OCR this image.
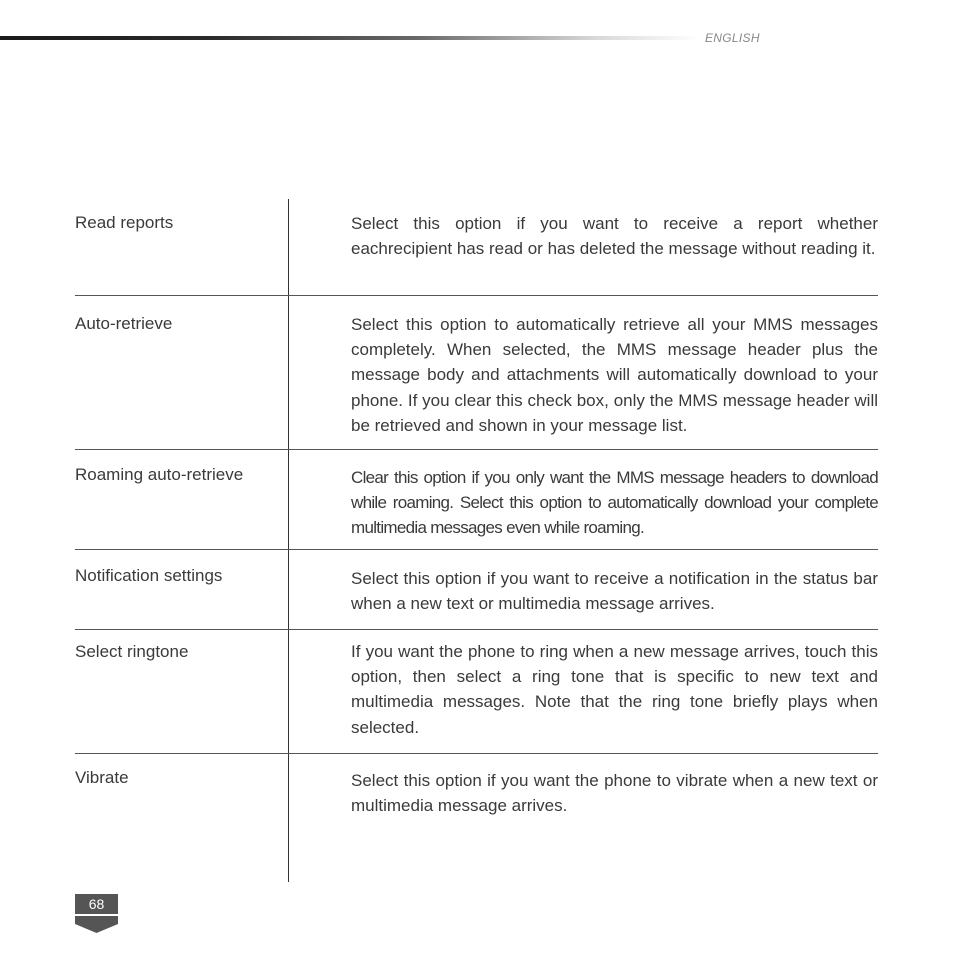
ENGLISH
Read reports	Select this option if you want to receive a report whether eachrecipient has read or has deleted the message without reading it.
Auto-retrieve	Select this option to automatically retrieve all your MMS messages completely. When selected, the MMS message header plus the message body and attachments will automatically download to your phone. If you clear this check box, only the MMS message header will be retrieved and shown in your message list.
Roaming auto-retrieve	Clear this option if you only want the MMS message headers to download while roaming. Select this option to automatically download your complete multimedia messages even while roaming.
Notification settings	Select this option if you want to receive a notification in the status bar when a new text or multimedia message arrives.
Select ringtone	If you want the phone to ring when a new message arrives, touch this option, then select a ring tone that is specific to new text and multimedia messages. Note that the ring tone briefly plays when selected.
Vibrate	Select this option if you want the phone to vibrate when a new text or multimedia message arrives.
68
